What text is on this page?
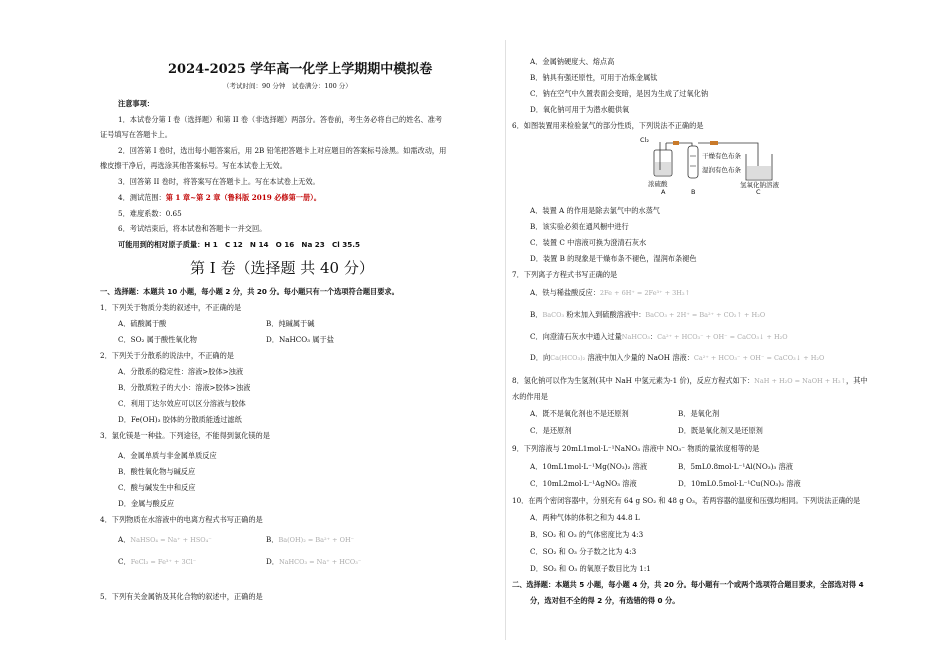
2024-2025 学年高一化学上学期期中模拟卷
（考试时间：90 分钟　试卷满分：100 分）
注意事项：
1．本试卷分第 I 卷（选择题）和第 II 卷（非选择题）两部分。答卷前，考生务必将自己的姓名、准考
证号填写在答题卡上。
2．回答第 I 卷时，选出每小题答案后，用 2B 铅笔把答题卡上对应题目的答案标号涂黑。如需改动，用
橡皮擦干净后，再选涂其他答案标号。写在本试卷上无效。
3．回答第 II 卷时，将答案写在答题卡上。写在本试卷上无效。
4．测试范围：第 1 章~第 2 章（鲁科版 2019 必修第一册）。
5．难度系数：0.65
6．考试结束后，将本试卷和答题卡一并交回。
可能用到的相对原子质量：H 1　C 12　N 14　O 16　Na 23　Cl 35.5
第 I 卷（选择题 共 40 分）
一、选择题：本题共 10 小题，每小题 2 分，共 20 分。每小题只有一个选项符合题目要求。
1．下列关于物质分类的叙述中，不正确的是
A．硫酸属于酸	B．纯碱属于碱
C．SO₂ 属于酸性氧化物	D．NaHCO₃ 属于盐
2．下列关于分散系的说法中，不正确的是
A．分散系的稳定性：溶液>胶体>浊液
B．分散质粒子的大小：溶液>胶体>浊液
C．利用丁达尔效应可以区分溶液与胶体
D．Fe(OH)₃ 胶体的分散质能透过滤纸
3．氯化镁是一种盐。下列途径，不能得到氯化镁的是
A．金属单质与非金属单质反应
B．酸性氧化物与碱反应
C．酸与碱发生中和反应
D．金属与酸反应
4．下列物质在水溶液中的电离方程式书写正确的是
A．NaHSO₄ = Na⁺ + HSO₄⁻	B．Ba(OH)₂ = Ba²⁺ + OH⁻
C．FeCl₃ = Fe³⁺ + 3Cl⁻	D．NaHCO₃ = Na⁺ + HCO₃⁻
5．下列有关金属钠及其化合物的叙述中，正确的是
A．金属钠硬度大、熔点高
B．钠具有强还原性，可用于冶炼金属钛
C．钠在空气中久置表面会变暗，是因为生成了过氧化钠
D．氧化钠可用于为潜水艇供氧
6．如图装置用来检验氯气的部分性质，下列说法不正确的是
Cl₂
干燥有色布条
湿润有色布条
浓硫酸	氢氧化钠溶液
A	B	C
A．装置 A 的作用是除去氯气中的水蒸气
B．该实验必须在通风橱中进行
C．装置 C 中溶液可换为澄清石灰水
D．装置 B 的现象是干燥布条不褪色，湿润布条褪色
7．下列离子方程式书写正确的是
A．铁与稀盐酸反应：2Fe + 6H⁺ = 2Fe³⁺ + 3H₂↑
B．BaCO₃ 粉末加入到硫酸溶液中：BaCO₃ + 2H⁺ = Ba²⁺ + CO₂↑ + H₂O
C．向澄清石灰水中通入过量NaHCO₃：Ca²⁺ + HCO₃⁻ + OH⁻ = CaCO₃↓ + H₂O
D．向Ca(HCO₃)₂ 溶液中加入少量的 NaOH 溶液：Ca²⁺ + HCO₃⁻ + OH⁻ = CaCO₃↓ + H₂O
8．氢化钠可以作为生氢剂(其中 NaH 中氢元素为-1 价)，反应方程式如下：NaH + H₂O = NaOH + H₂↑，其中
水的作用是
A．既不是氧化剂也不是还原剂	B．是氧化剂
C．是还原剂	D．既是氧化剂又是还原剂
9．下列溶液与 20mL1mol·L⁻¹NaNO₃ 溶液中 NO₃⁻ 物质的量浓度相等的是
A．10mL1mol·L⁻¹Mg(NO₃)₂ 溶液	B．5mL0.8mol·L⁻¹Al(NO₃)₃ 溶液
C．10mL2mol·L⁻¹AgNO₃ 溶液	D．10mL0.5mol·L⁻¹Cu(NO₃)₂ 溶液
10．在两个密闭容器中，分别充有 64 g SO₂ 和 48 g O₃，若两容器的温度和压强均相同。下列说法正确的是
A．两种气体的体积之和为 44.8 L
B．SO₂ 和 O₃ 的气体密度比为 4:3
C．SO₂ 和 O₃ 分子数之比为 4:3
D．SO₂ 和 O₃ 的氧原子数目比为 1:1
二、选择题：本题共 5 小题，每小题 4 分，共 20 分。每小题有一个或两个选项符合题目要求，全部选对得 4
分，选对但不全的得 2 分，有选错的得 0 分。
